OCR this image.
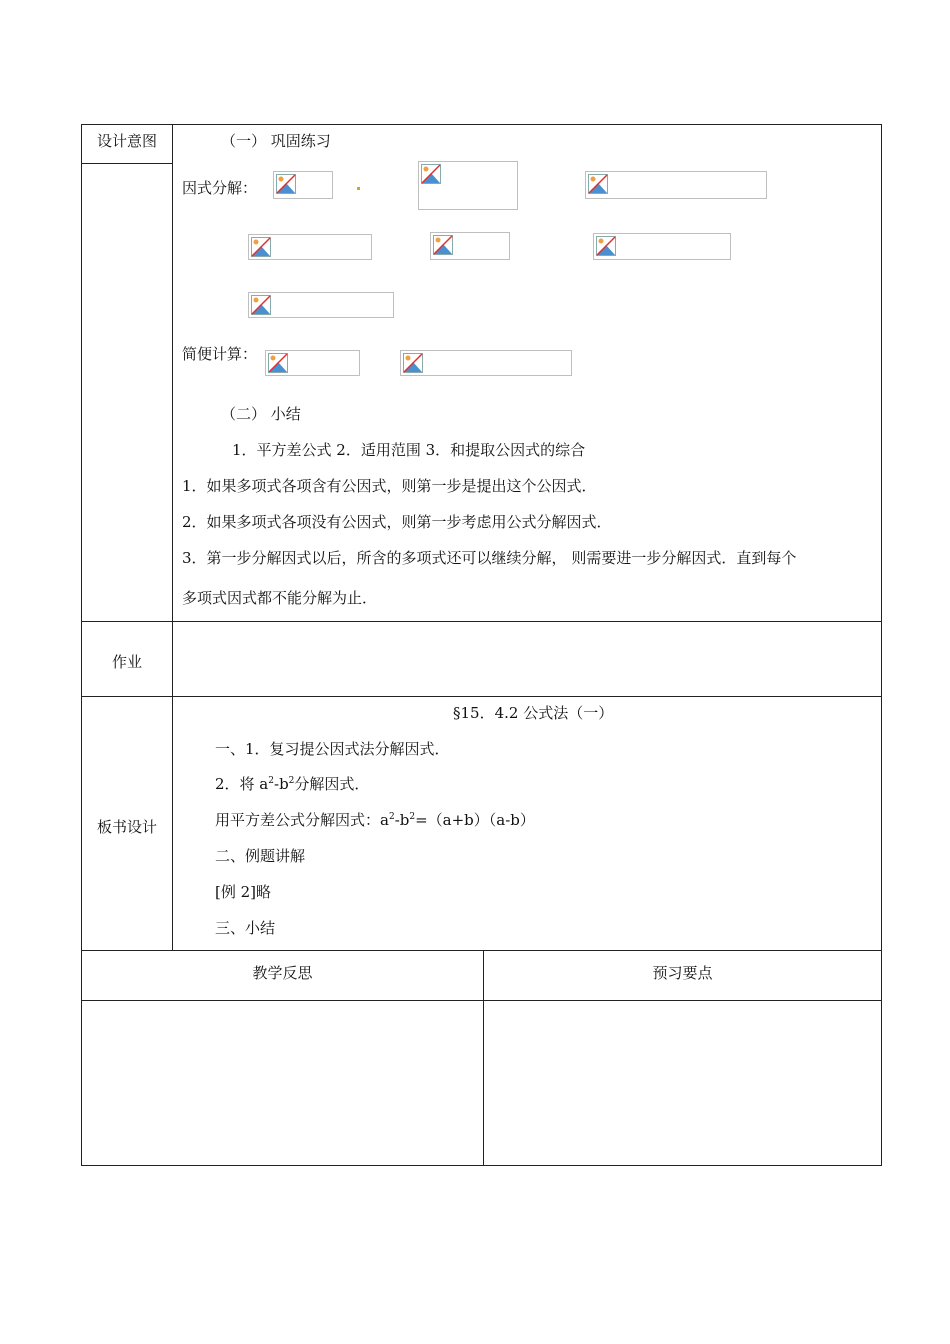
设计意图
作业
板书设计
教学反思	预习要点
（一） 巩固练习
因式分解：
简便计算：
（二） 小结
1．平方差公式 2．适用范围 3．和提取公因式的综合
1．如果多项式各项含有公因式，则第一步是提出这个公因式．
2．如果多项式各项没有公因式，则第一步考虑用公式分解因式．
3．第一步分解因式以后，所含的多项式还可以继续分解， 则需要进一步分解因式．直到每个
多项式因式都不能分解为止．
§15．4.2 公式法（一）
一、1．复习提公因式法分解因式．
2．将 $a^2-b^2$分解因式．
用平方差公式分解因式：$a^2-b^2=(a+b)(a-b)$
二、例题讲解
[例 2]略
三、小结
